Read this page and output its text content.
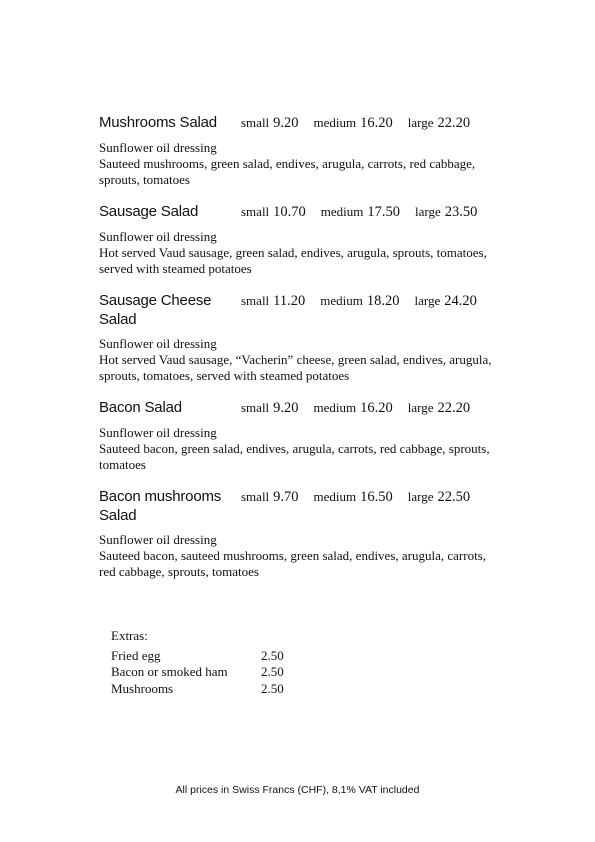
Mushrooms Salad	small 9.20 medium 16.20 large 22.20
Sunflower oil dressing
Sauteed mushrooms, green salad, endives, arugula, carrots, red cabbage, sprouts, tomatoes
Sausage Salad	small 10.70 medium 17.50 large 23.50
Sunflower oil dressing
Hot served Vaud sausage, green salad, endives, arugula, sprouts, tomatoes, served with steamed potatoes
Sausage Cheese Salad
small 11.20 medium 18.20 large 24.20
Sunflower oil dressing
Hot served Vaud sausage, “Vacherin” cheese, green salad, endives, arugula, sprouts, tomatoes, served with steamed potatoes
Bacon Salad	small 9.20 medium 16.20 large 22.20
Sunflower oil dressing
Sauteed bacon, green salad, endives, arugula, carrots, red cabbage, sprouts, tomatoes
Bacon mushrooms Salad
small 9.70 medium 16.50 large 22.50
Sunflower oil dressing
Sauteed bacon, sauteed mushrooms, green salad, endives, arugula, carrots, red cabbage, sprouts, tomatoes
Extras:
Fried egg	2.50
Bacon or smoked ham	2.50
Mushrooms	2.50
All prices in Swiss Francs (CHF), 8,1% VAT included
